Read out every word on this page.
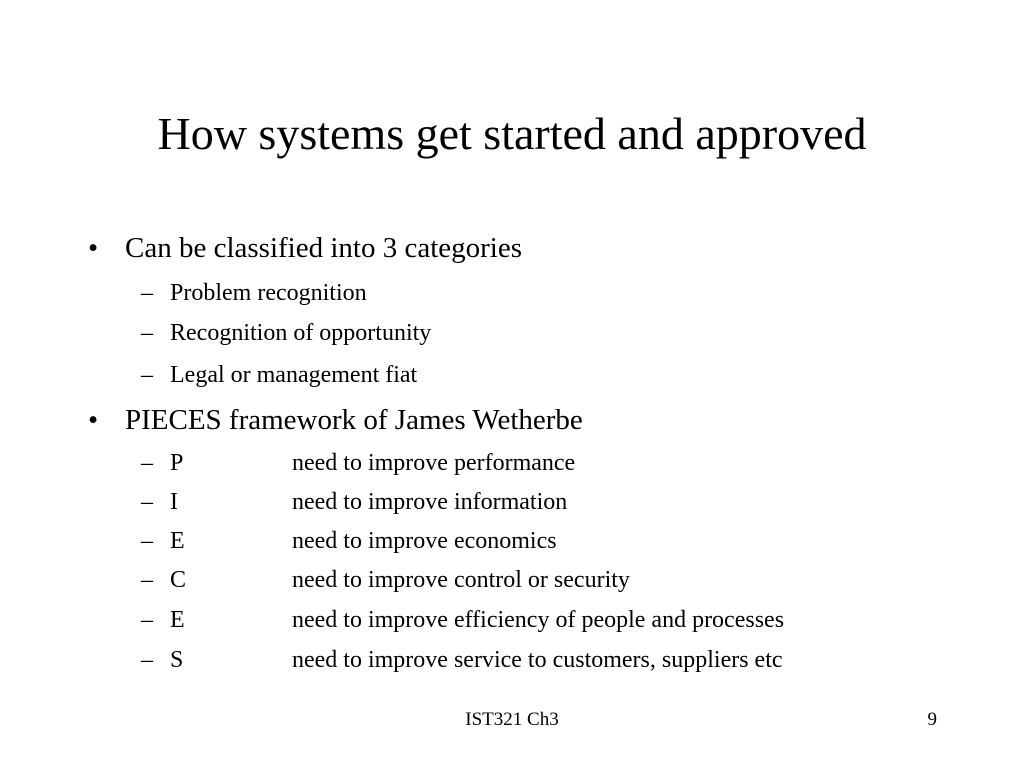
How systems get started and approved
• Can be classified into 3 categories
– Problem recognition
– Recognition of opportunity
– Legal or management fiat
• PIECES framework of James Wetherbe
– P	need to improve performance
– I	need to improve information
– E	need to improve economics
– C	need to improve control or security
– E	need to improve efficiency of people and processes
– S	need to improve service to customers, suppliers etc
IST321 Ch3	9
